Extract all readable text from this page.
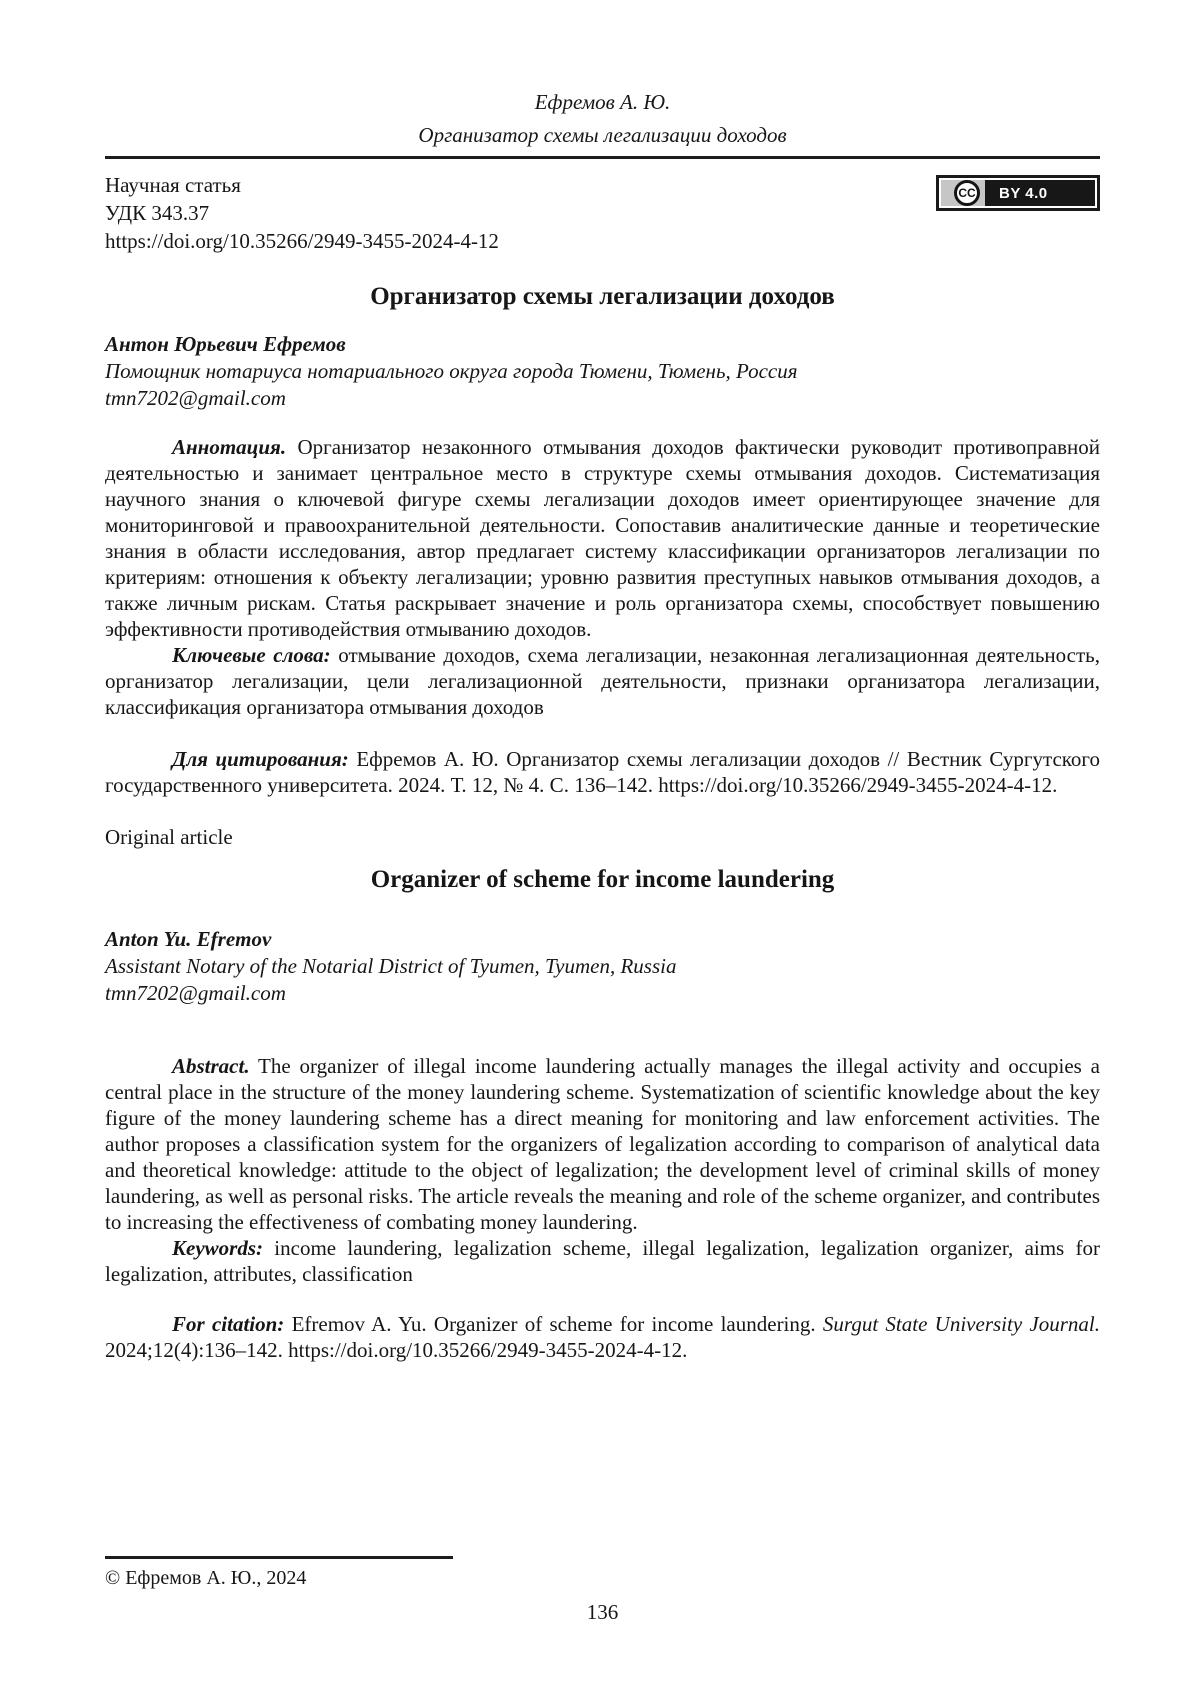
Ефремов А. Ю.
Организатор схемы легализации доходов
Научная статья
УДК 343.37
https://doi.org/10.35266/2949-3455-2024-4-12
CC	BY 4.0
Организатор схемы легализации доходов
Антон Юрьевич Ефремов
Помощник нотариуса нотариального округа города Тюмени, Тюмень, Россия
tmn7202@gmail.com

Аннотация. Организатор незаконного отмывания доходов фактически руководит противоправной деятельностью и занимает центральное место в структуре схемы отмывания доходов. Систематизация научного знания о ключевой фигуре схемы легализации доходов имеет ориентирующее значение для мониторинговой и правоохранительной деятельности. Сопоставив аналитические данные и теоретические знания в области исследования, автор предлагает систему классификации организаторов легализации по критериям: отношения к объекту легализации; уровню развития преступных навыков отмывания доходов, а также личным рискам. Статья раскрывает значение и роль организатора схемы, способствует повышению эффективности противодействия отмыванию доходов.

Ключевые слова: отмывание доходов, схема легализации, незаконная легализационная деятельность, организатор легализации, цели легализационной деятельности, признаки организатора легализации, классификация организатора отмывания доходов

Для цитирования: Ефремов А. Ю. Организатор схемы легализации доходов // Вестник Сургутского государственного университета. 2024. Т. 12, № 4. С. 136–142. https://doi.org/10.35266/2949-3455-2024-4-12.

Original article
Organizer of scheme for income laundering
Anton Yu. Efremov
Assistant Notary of the Notarial District of Tyumen, Tyumen, Russia
tmn7202@gmail.com

Abstract. The organizer of illegal income laundering actually manages the illegal activity and occupies a central place in the structure of the money laundering scheme. Systematization of scientific knowledge about the key figure of the money laundering scheme has a direct meaning for monitoring and law enforcement activities. The author proposes a classification system for the organizers of legalization according to comparison of analytical data and theoretical knowledge: attitude to the object of legalization; the development level of criminal skills of money laundering, as well as personal risks. The article reveals the meaning and role of the scheme organizer, and contributes to increasing the effectiveness of combating money laundering.

Keywords: income laundering, legalization scheme, illegal legalization, legalization organizer, aims for legalization, attributes, classification

For citation: Efremov A. Yu. Organizer of scheme for income laundering. Surgut State University Journal. 2024;12(4):136–142. https://doi.org/10.35266/2949-3455-2024-4-12.

© Ефремов А. Ю., 2024
136
